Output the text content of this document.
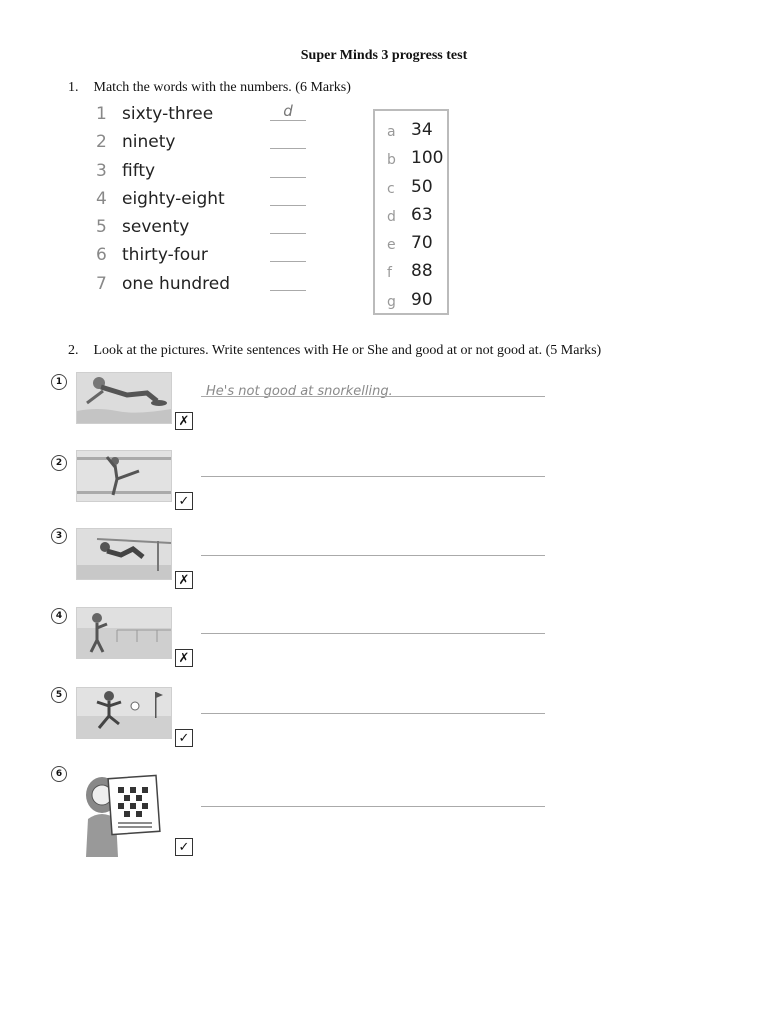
Super Minds 3 progress test
1. Match the words with the numbers. (6 Marks)
1 sixty-three	d
2 ninety
3 fifty
4 eighty-eight
5 seventy
6 thirty-four
7 one hundred
a 34
b 100
c 50
d 63
e 70
f 88
g 90
2. Look at the pictures. Write sentences with He or She and good at or not good at. (5 Marks)
1
✗
He's not good at snorkelling.
2
✓
3
✗
4
✗
5
✓
6
✓
